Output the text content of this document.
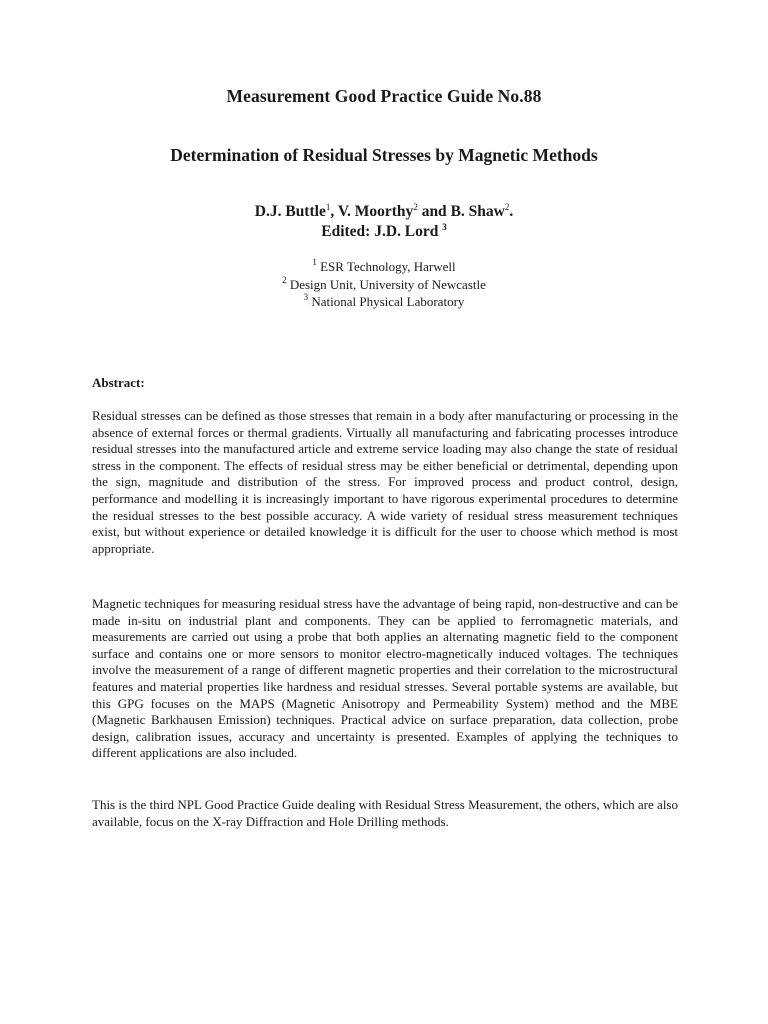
Measurement Good Practice Guide No.88
Determination of Residual Stresses by Magnetic Methods
D.J. Buttle$^1$, V. Moorthy$^2$ and B. Shaw$^2$.
Edited: J.D. Lord $^3$
$^1$ ESR Technology, Harwell
$^2$ Design Unit, University of Newcastle
$^3$ National Physical Laboratory
Abstract:

Residual stresses can be defined as those stresses that remain in a body after manufacturing or processing in the absence of external forces or thermal gradients. Virtually all manufacturing and fabricating processes introduce residual stresses into the manufactured article and extreme service loading may also change the state of residual stress in the component. The effects of residual stress may be either beneficial or detrimental, depending upon the sign, magnitude and distribution of the stress. For improved process and product control, design, performance and modelling it is increasingly important to have rigorous experimental procedures to determine the residual stresses to the best possible accuracy. A wide variety of residual stress measurement techniques exist, but without experience or detailed knowledge it is difficult for the user to choose which method is most appropriate.

Magnetic techniques for measuring residual stress have the advantage of being rapid, non-destructive and can be made in-situ on industrial plant and components. They can be applied to ferromagnetic materials, and measurements are carried out using a probe that both applies an alternating magnetic field to the component surface and contains one or more sensors to monitor electro-magnetically induced voltages. The techniques involve the measurement of a range of different magnetic properties and their correlation to the microstructural features and material properties like hardness and residual stresses. Several portable systems are available, but this GPG focuses on the MAPS (Magnetic Anisotropy and Permeability System) method and the MBE (Magnetic Barkhausen Emission) techniques. Practical advice on surface preparation, data collection, probe design, calibration issues, accuracy and uncertainty is presented. Examples of applying the techniques to different applications are also included.

This is the third NPL Good Practice Guide dealing with Residual Stress Measurement, the others, which are also available, focus on the X-ray Diffraction and Hole Drilling methods.
